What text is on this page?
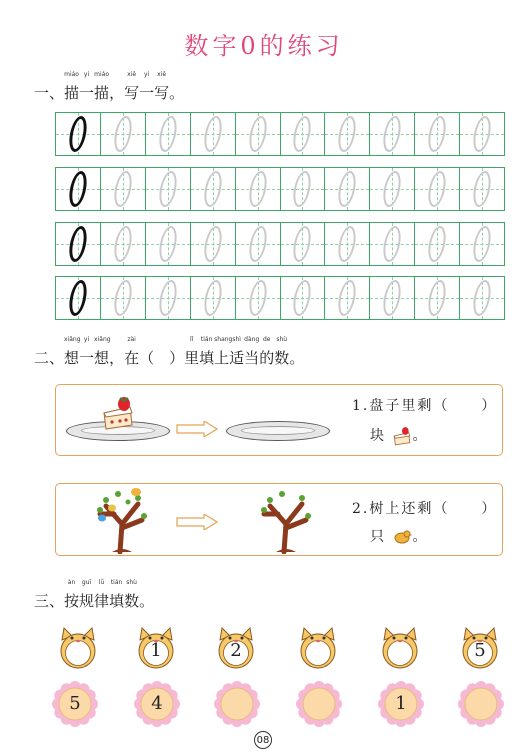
数字0的练习
一、
miáo
描
yi
一
miáo
描
，
xiě
写
yi
一
xiě
写
。
二、
xiǎng
想
yi
一
xiǎng
想
，
zài
在
（　）
lǐ
里
tián
填
shang
上
shì
适
dàng
当
de
的
shù
数
。
1.盘子里剩（　　）
块 。
2.树上还剩（　　）
只 。
三、
àn
按
guī
规
lǜ
律
tián
填
shù
数
。
1	2	5
5	4	1
08
